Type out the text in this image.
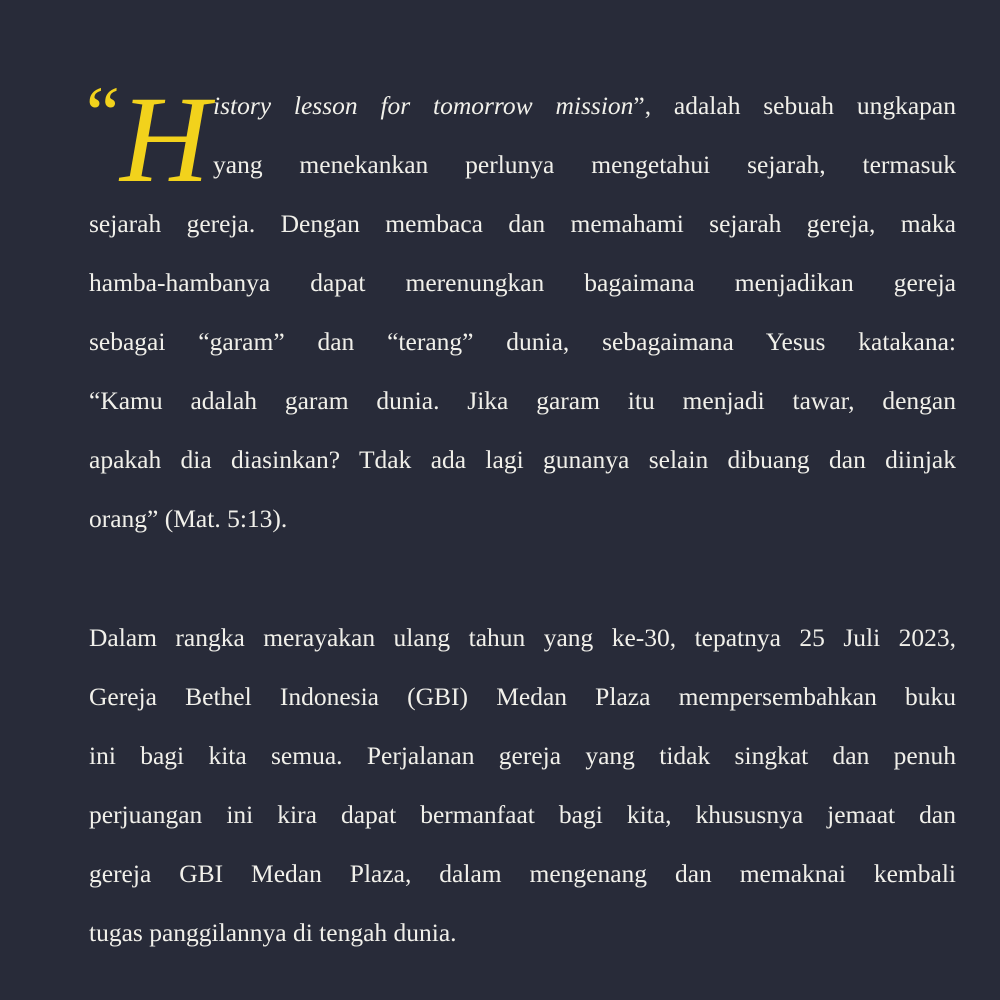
“ H istory lesson for tomorrow mission”, adalah sebuah ungkapan
yang menekankan perlunya mengetahui sejarah, termasuk
sejarah gereja. Dengan membaca dan memahami sejarah gereja, maka
hamba-hambanya dapat merenungkan bagaimana menjadikan gereja
sebagai “garam” dan “terang” dunia, sebagaimana Yesus katakana:
“Kamu adalah garam dunia. Jika garam itu menjadi tawar, dengan
apakah dia diasinkan? Tdak ada lagi gunanya selain dibuang dan diinjak
orang” (Mat. 5:13).
Dalam rangka merayakan ulang tahun yang ke-30, tepatnya 25 Juli 2023,
Gereja Bethel Indonesia (GBI) Medan Plaza mempersembahkan buku
ini bagi kita semua. Perjalanan gereja yang tidak singkat dan penuh
perjuangan ini kira dapat bermanfaat bagi kita, khususnya jemaat dan
gereja GBI Medan Plaza, dalam mengenang dan memaknai kembali
tugas panggilannya di tengah dunia.
